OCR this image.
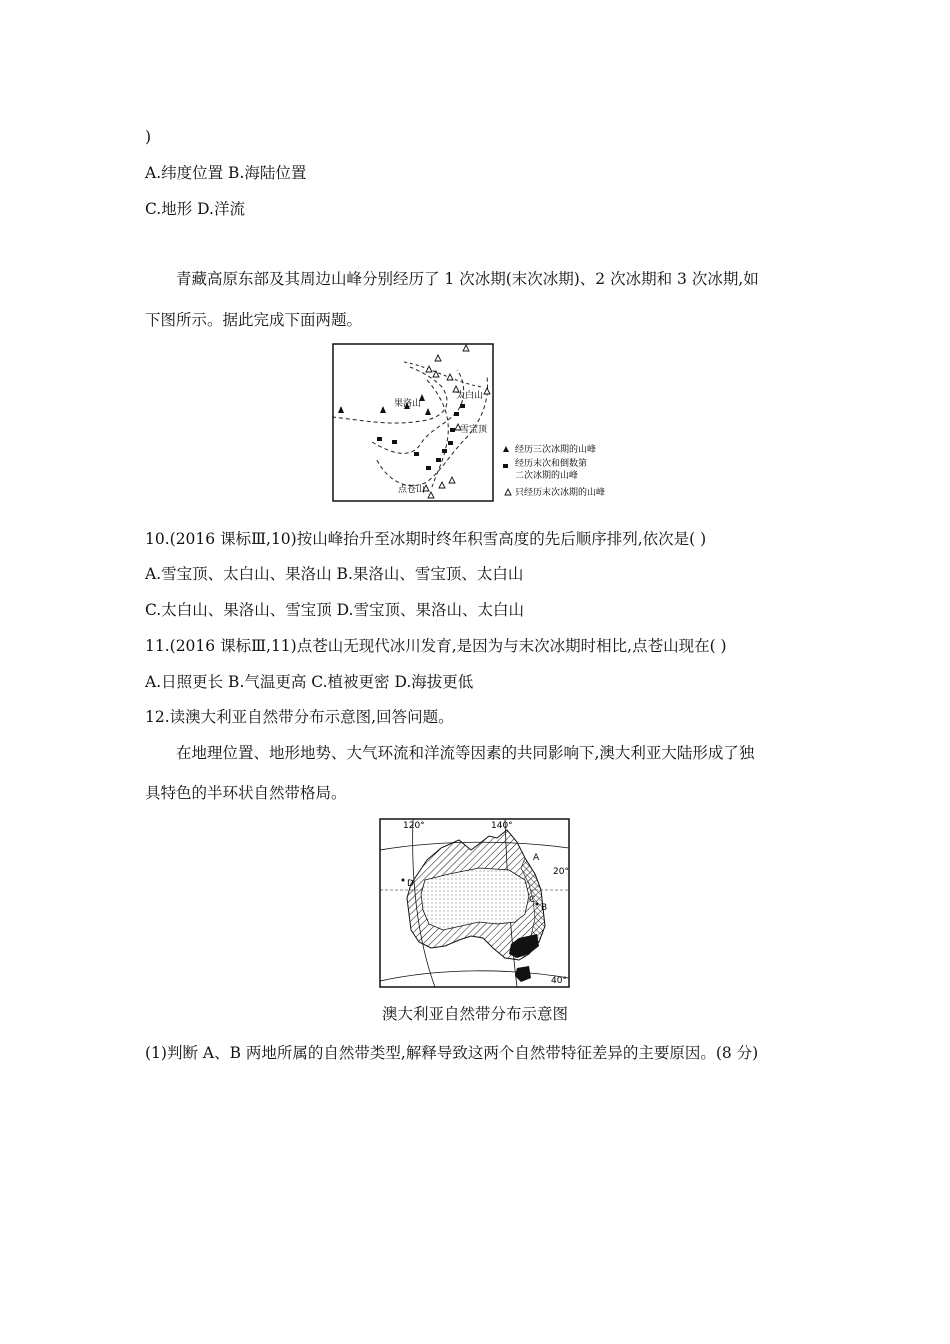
)
A.纬度位置 B.海陆位置
C.地形 D.洋流
青藏高原东部及其周边山峰分别经历了 1 次冰期(末次冰期)、2 次冰期和 3 次冰期,如
下图所示。据此完成下面两题。
果洛山
太白山
雪宝顶
点苍山
经历三次冰期的山峰
经历末次和倒数第
二次冰期的山峰
只经历末次冰期的山峰
10.(2016 课标Ⅲ,10)按山峰抬升至冰期时终年积雪高度的先后顺序排列,依次是( )
A.雪宝顶、太白山、果洛山 B.果洛山、雪宝顶、太白山
C.太白山、果洛山、雪宝顶 D.雪宝顶、果洛山、太白山
11.(2016 课标Ⅲ,11)点苍山无现代冰川发育,是因为与末次冰期时相比,点苍山现在( )
A.日照更长 B.气温更高 C.植被更密 D.海拔更低
12.读澳大利亚自然带分布示意图,回答问题。
在地理位置、地形地势、大气环流和洋流等因素的共同影响下,澳大利亚大陆形成了独
具特色的半环状自然带格局。
120°	140°
20°
40°
A
B
C
D
澳大利亚自然带分布示意图
(1)判断 A、B 两地所属的自然带类型,解释导致这两个自然带特征差异的主要原因。(8 分)
